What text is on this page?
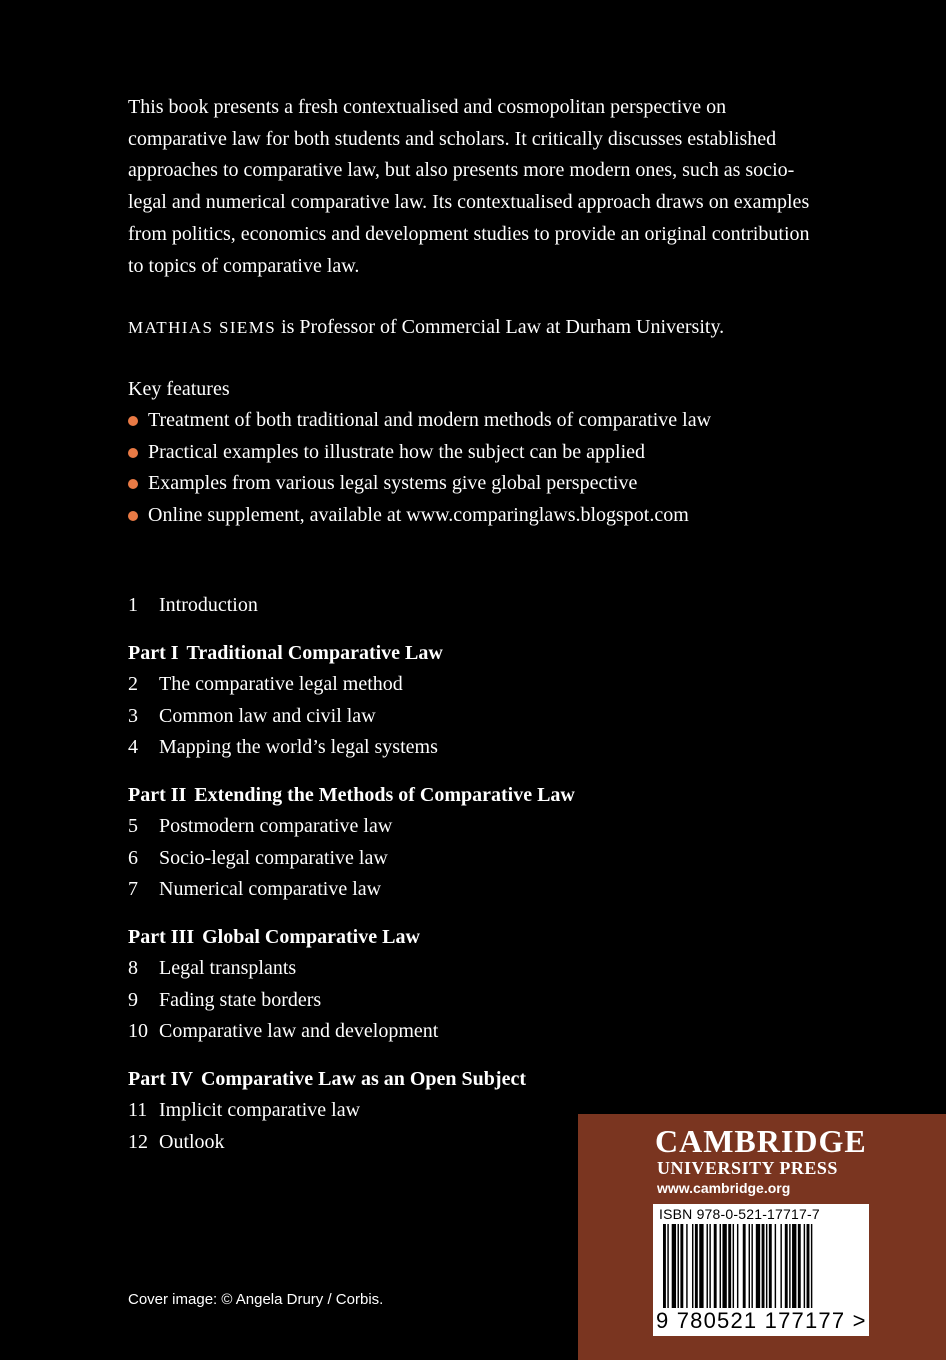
This book presents a fresh contextualised and cosmopolitan perspective on comparative law for both students and scholars. It critically discusses established approaches to comparative law, but also presents more modern ones, such as socio-legal and numerical comparative law. Its contextualised approach draws on examples from politics, economics and development studies to provide an original contribution to topics of comparative law.

MATHIAS SIEMS is Professor of Commercial Law at Durham University.
Key features
Treatment of both traditional and modern methods of comparative law
Practical examples to illustrate how the subject can be applied
Examples from various legal systems give global perspective
Online supplement, available at www.comparinglaws.blogspot.com
1	Introduction
Part I Traditional Comparative Law
2	The comparative legal method
3	Common law and civil law
4	Mapping the world’s legal systems
Part II Extending the Methods of Comparative Law
5	Postmodern comparative law
6	Socio-legal comparative law
7	Numerical comparative law
Part III Global Comparative Law
8	Legal transplants
9	Fading state borders
10 Comparative law and development
Part IV Comparative Law as an Open Subject
11 Implicit comparative law
12 Outlook
Cover image: © Angela Drury / Corbis.
CAMBRIDGE
UNIVERSITY PRESS
www.cambridge.org
ISBN 978-0-521-17717-7
9 780521 177177 >
